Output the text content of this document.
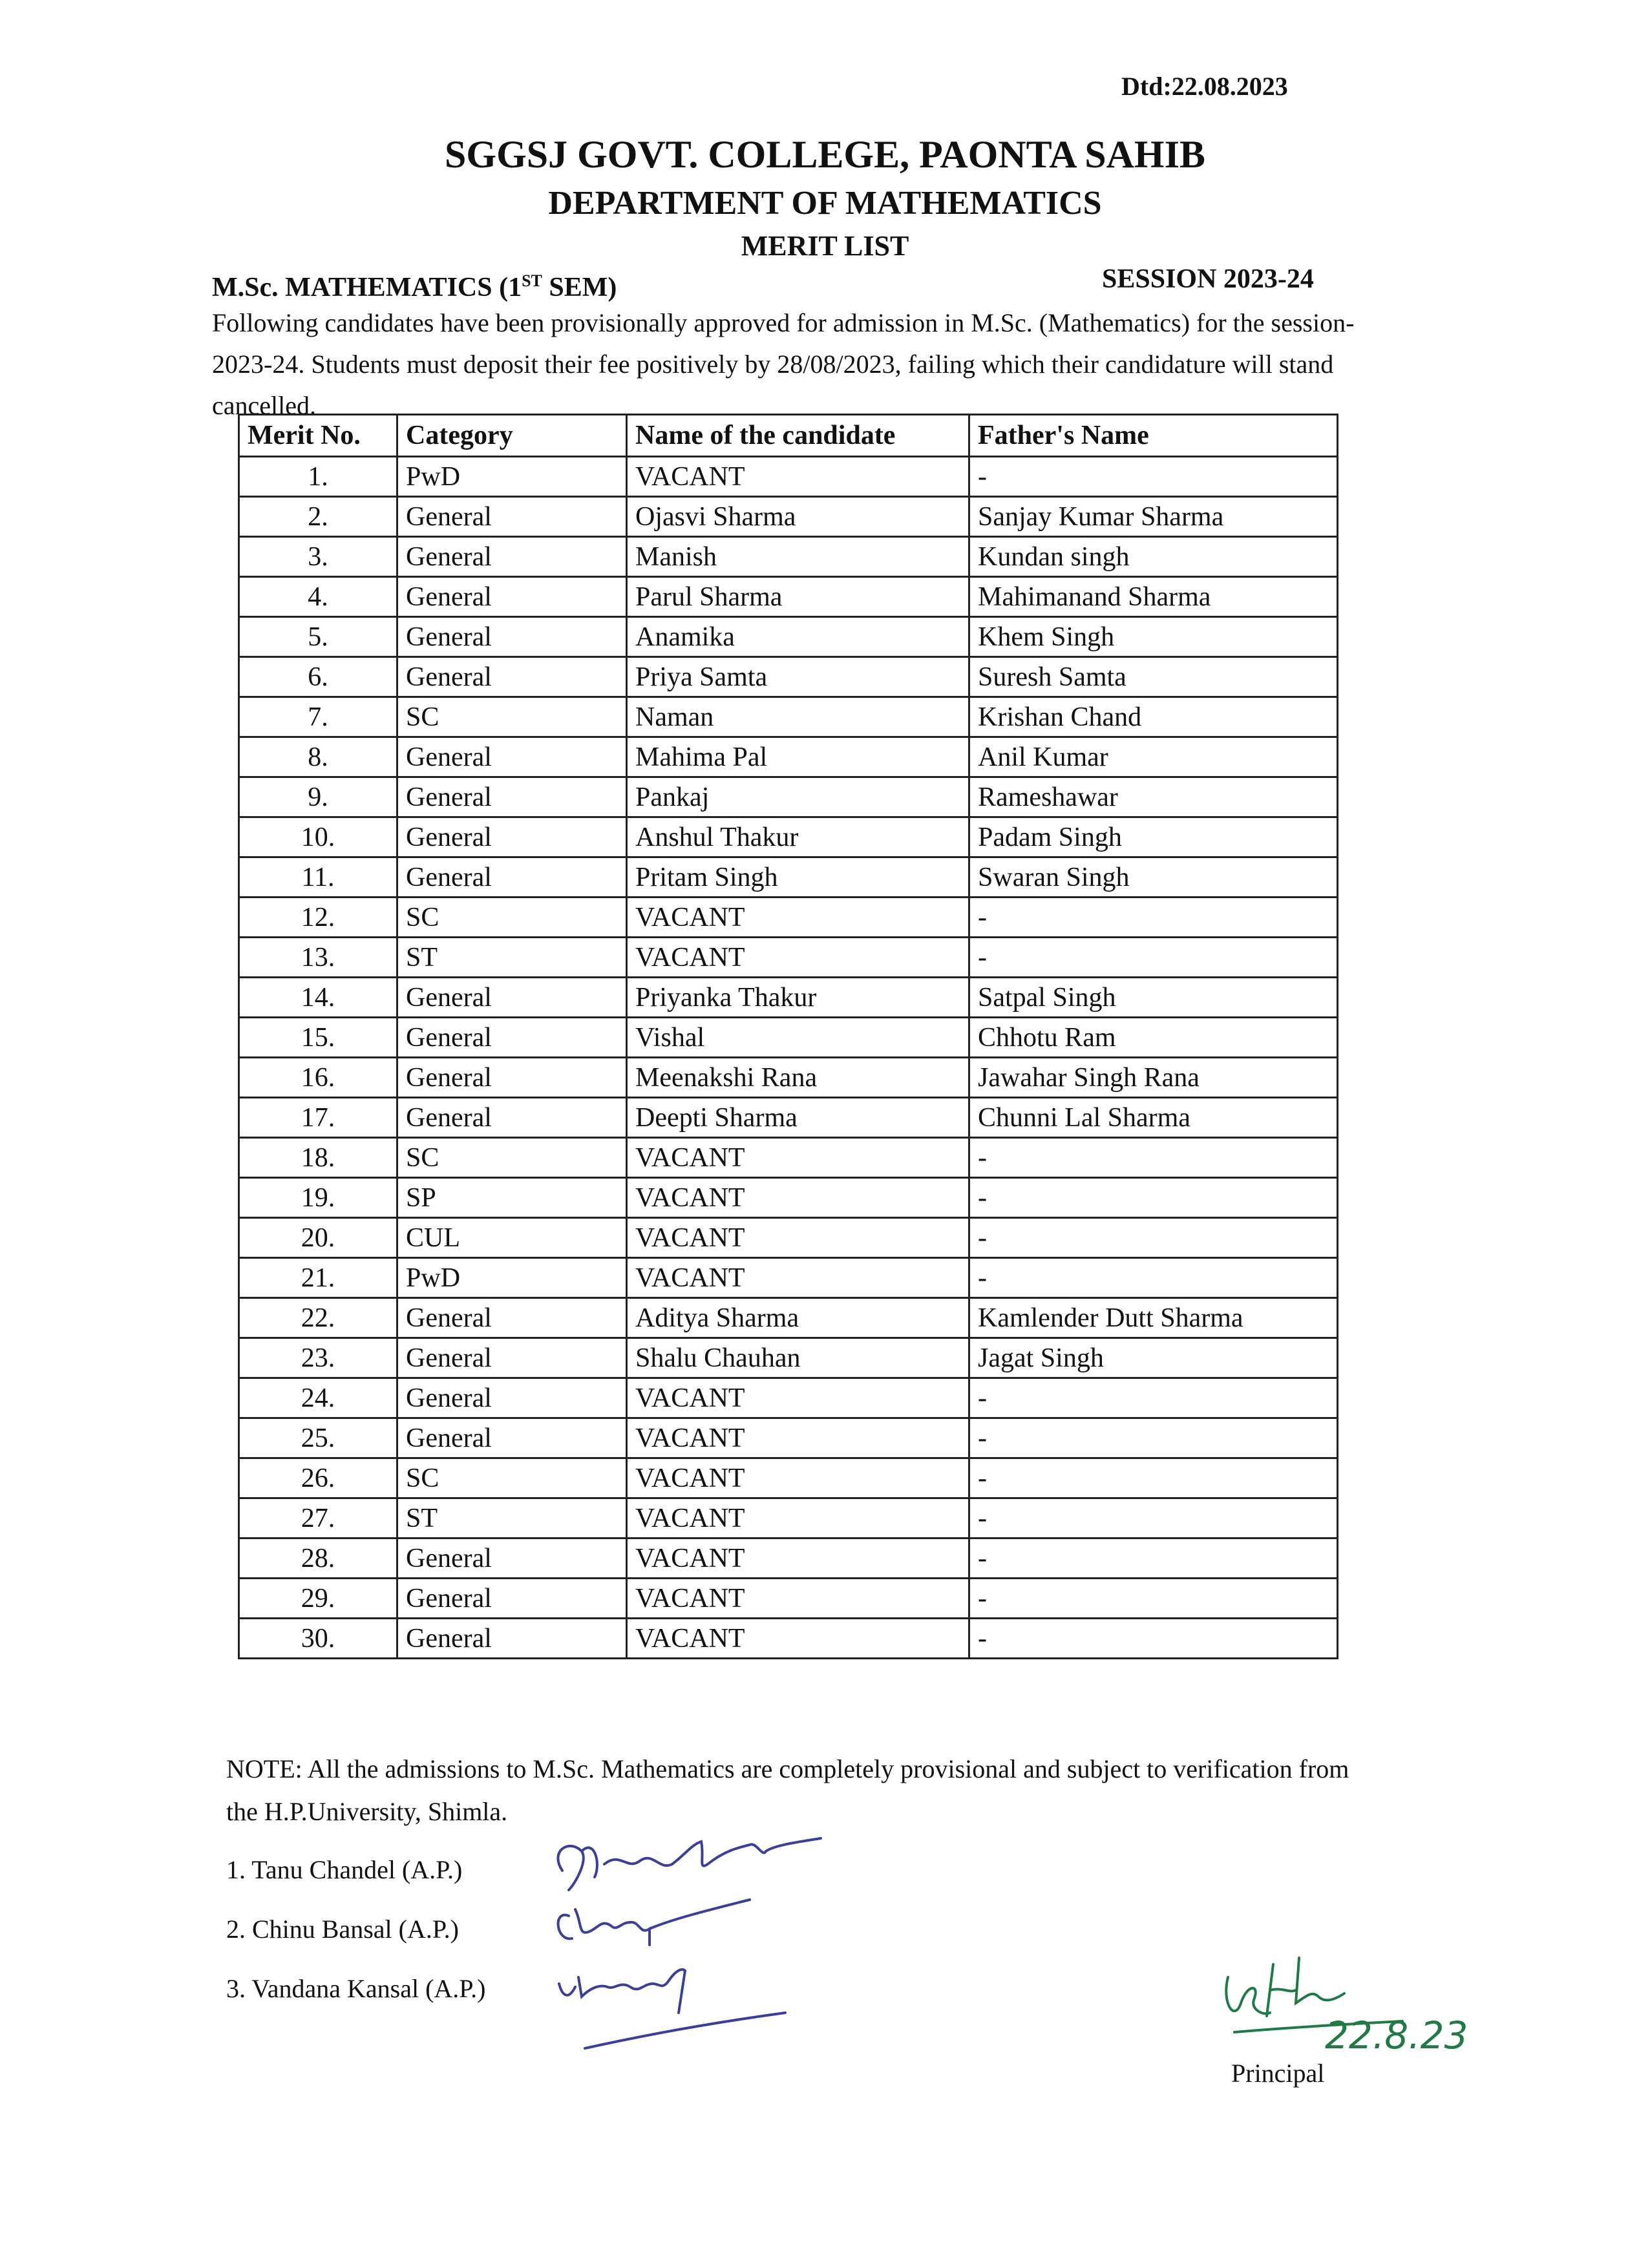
Dtd:22.08.2023
SGGSJ GOVT. COLLEGE, PAONTA SAHIB
DEPARTMENT OF MATHEMATICS
MERIT LIST
M.Sc. MATHEMATICS (1ST SEM)	SESSION 2023-24
Following candidates have been provisionally approved for admission in M.Sc. (Mathematics) for the session-2023-24. Students must deposit their fee positively by 28/08/2023, failing which their candidature will stand cancelled.
Merit No.	Category	Name of the candidate	Father's Name
1.	PwD	VACANT	-
2.	General	Ojasvi Sharma	Sanjay Kumar Sharma
3.	General	Manish	Kundan singh
4.	General	Parul Sharma	Mahimanand Sharma
5.	General	Anamika	Khem Singh
6.	General	Priya Samta	Suresh Samta
7.	SC	Naman	Krishan Chand
8.	General	Mahima Pal	Anil Kumar
9.	General	Pankaj	Rameshawar
10.	General	Anshul Thakur	Padam Singh
11.	General	Pritam Singh	Swaran Singh
12.	SC	VACANT	-
13.	ST	VACANT	-
14.	General	Priyanka Thakur	Satpal Singh
15.	General	Vishal	Chhotu Ram
16.	General	Meenakshi Rana	Jawahar Singh Rana
17.	General	Deepti Sharma	Chunni Lal Sharma
18.	SC	VACANT	-
19.	SP	VACANT	-
20.	CUL	VACANT	-
21.	PwD	VACANT	-
22.	General	Aditya Sharma	Kamlender Dutt Sharma
23.	General	Shalu Chauhan	Jagat Singh
24.	General	VACANT	-
25.	General	VACANT	-
26.	SC	VACANT	-
27.	ST	VACANT	-
28.	General	VACANT	-
29.	General	VACANT	-
30.	General	VACANT	-
NOTE: All the admissions to M.Sc. Mathematics are completely provisional and subject to verification from the H.P.University, Shimla.
1. Tanu Chandel (A.P.)
2. Chinu Bansal (A.P.)
3. Vandana Kansal (A.P.)
22.8.23
Principal
